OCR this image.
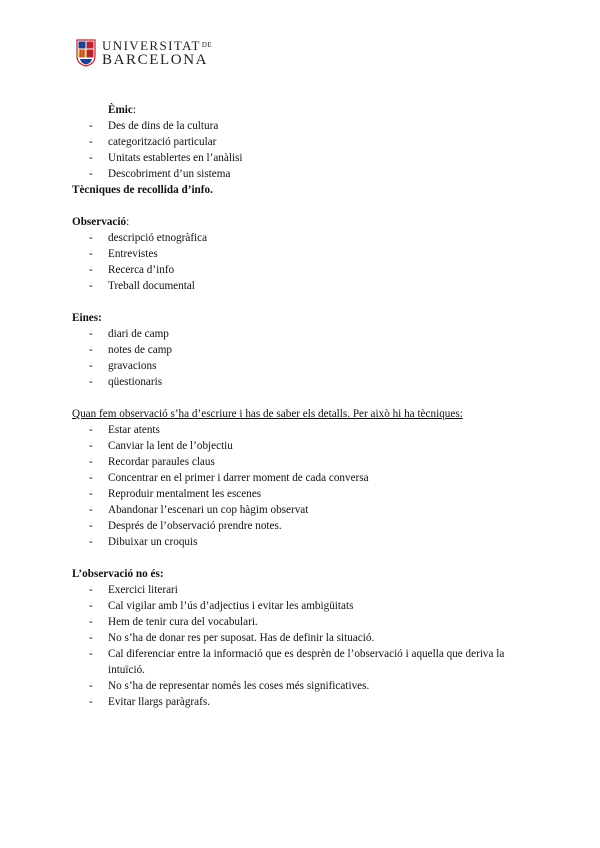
$UNIVERSITAT^{DE}$
BARCELONA
Èmic:
- Des de dins de la cultura
- categorització particular
- Unitats establertes en l’anàlisi
- Descobriment d’un sistema
Tècniques de recollida d’info.
Observació:
- descripció etnogràfica
- Entrevistes
- Recerca d’info
- Treball documental
Eines:
- diari de camp
- notes de camp
- gravacions
- qüestionaris
Quan fem observació s’ha d’escriure i has de saber els detalls. Per això hi ha tècniques:
- Estar atents
- Canviar la lent de l’objectiu
- Recordar paraules claus
- Concentrar en el primer i darrer moment de cada conversa
- Reproduir mentalment les escenes
- Abandonar l’escenari un cop hàgim observat
- Després de l’observació prendre notes.
- Dibuixar un croquis
L’observació no és:
- Exercici literari
- Cal vigilar amb l’ús d’adjectius i evitar les ambigüitats
- Hem de tenir cura del vocabulari.
- No s’ha de donar res per suposat. Has de definir la situació.
- Cal diferenciar entre la informació que es desprèn de l’observació i aquella que deriva la intuïció.
- No s’ha de representar només les coses més significatives.
- Evitar llargs paràgrafs.
